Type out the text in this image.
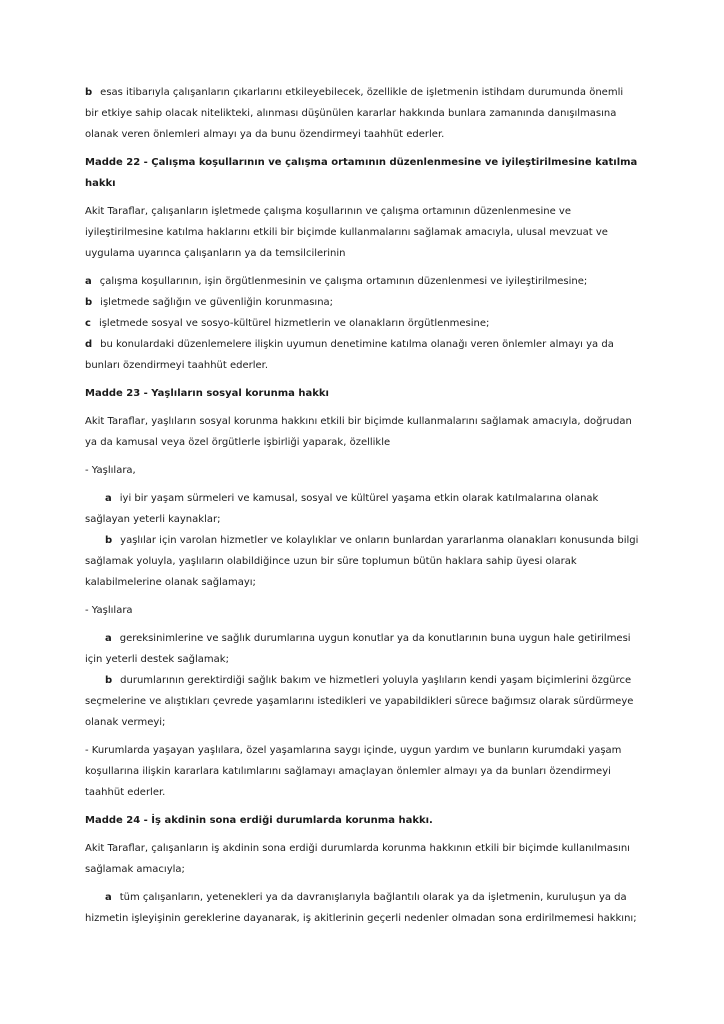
b esas itibarıyla çalışanların çıkarlarını etkileyebilecek, özellikle de işletmenin istihdam durumunda önemli bir etkiye sahip olacak nitelikteki, alınması düşünülen kararlar hakkında bunlara zamanında danışılmasına olanak veren önlemleri almayı ya da bunu özendirmeyi taahhüt ederler.

Madde 22 - Çalışma koşullarının ve çalışma ortamının düzenlenmesine ve iyileştirilmesine katılma hakkı

Akit Taraflar, çalışanların işletmede çalışma koşullarının ve çalışma ortamının düzenlenmesine ve iyileştirilmesine katılma haklarını etkili bir biçimde kullanmalarını sağlamak amacıyla, ulusal mevzuat ve uygulama uyarınca çalışanların ya da temsilcilerinin

a çalışma koşullarının, işin örgütlenmesinin ve çalışma ortamının düzenlenmesi ve iyileştirilmesine;

b işletmede sağlığın ve güvenliğin korunmasına;

c işletmede sosyal ve sosyo-kültürel hizmetlerin ve olanakların örgütlenmesine;

d bu konulardaki düzenlemelere ilişkin uyumun denetimine katılma olanağı veren önlemler almayı ya da bunları özendirmeyi taahhüt ederler.

Madde 23 - Yaşlıların sosyal korunma hakkı

Akit Taraflar, yaşlıların sosyal korunma hakkını etkili bir biçimde kullanmalarını sağlamak amacıyla, doğrudan ya da kamusal veya özel örgütlerle işbirliği yaparak, özellikle

- Yaşlılara,

a iyi bir yaşam sürmeleri ve kamusal, sosyal ve kültürel yaşama etkin olarak katılmalarına olanak sağlayan yeterli kaynaklar;

b yaşlılar için varolan hizmetler ve kolaylıklar ve onların bunlardan yararlanma olanakları konusunda bilgi sağlamak yoluyla, yaşlıların olabildiğince uzun bir süre toplumun bütün haklara sahip üyesi olarak kalabilmelerine olanak sağlamayı;

- Yaşlılara

a gereksinimlerine ve sağlık durumlarına uygun konutlar ya da konutlarının buna uygun hale getirilmesi için yeterli destek sağlamak;

b durumlarının gerektirdiği sağlık bakım ve hizmetleri yoluyla yaşlıların kendi yaşam biçimlerini özgürce seçmelerine ve alıştıkları çevrede yaşamlarını istedikleri ve yapabildikleri sürece bağımsız olarak sürdürmeye olanak vermeyi;

- Kurumlarda yaşayan yaşlılara, özel yaşamlarına saygı içinde, uygun yardım ve bunların kurumdaki yaşam koşullarına ilişkin kararlara katılımlarını sağlamayı amaçlayan önlemler almayı ya da bunları özendirmeyi taahhüt ederler.

Madde 24 - İş akdinin sona erdiği durumlarda korunma hakkı.

Akit Taraflar, çalışanların iş akdinin sona erdiği durumlarda korunma hakkının etkili bir biçimde kullanılmasını sağlamak amacıyla;

a tüm çalışanların, yetenekleri ya da davranışlarıyla bağlantılı olarak ya da işletmenin, kuruluşun ya da hizmetin işleyişinin gereklerine dayanarak, iş akitlerinin geçerli nedenler olmadan sona erdirilmemesi hakkını;
